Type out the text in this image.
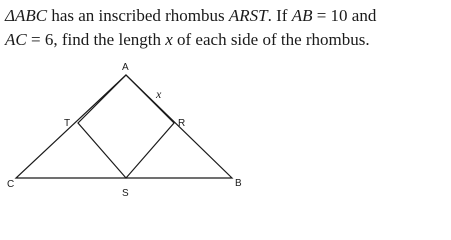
ΔABC has an inscribed rhombus ARST. If AB = 10 and
AC = 6, find the length x of each side of the rhombus.
A
x
T	R
C	B
S
